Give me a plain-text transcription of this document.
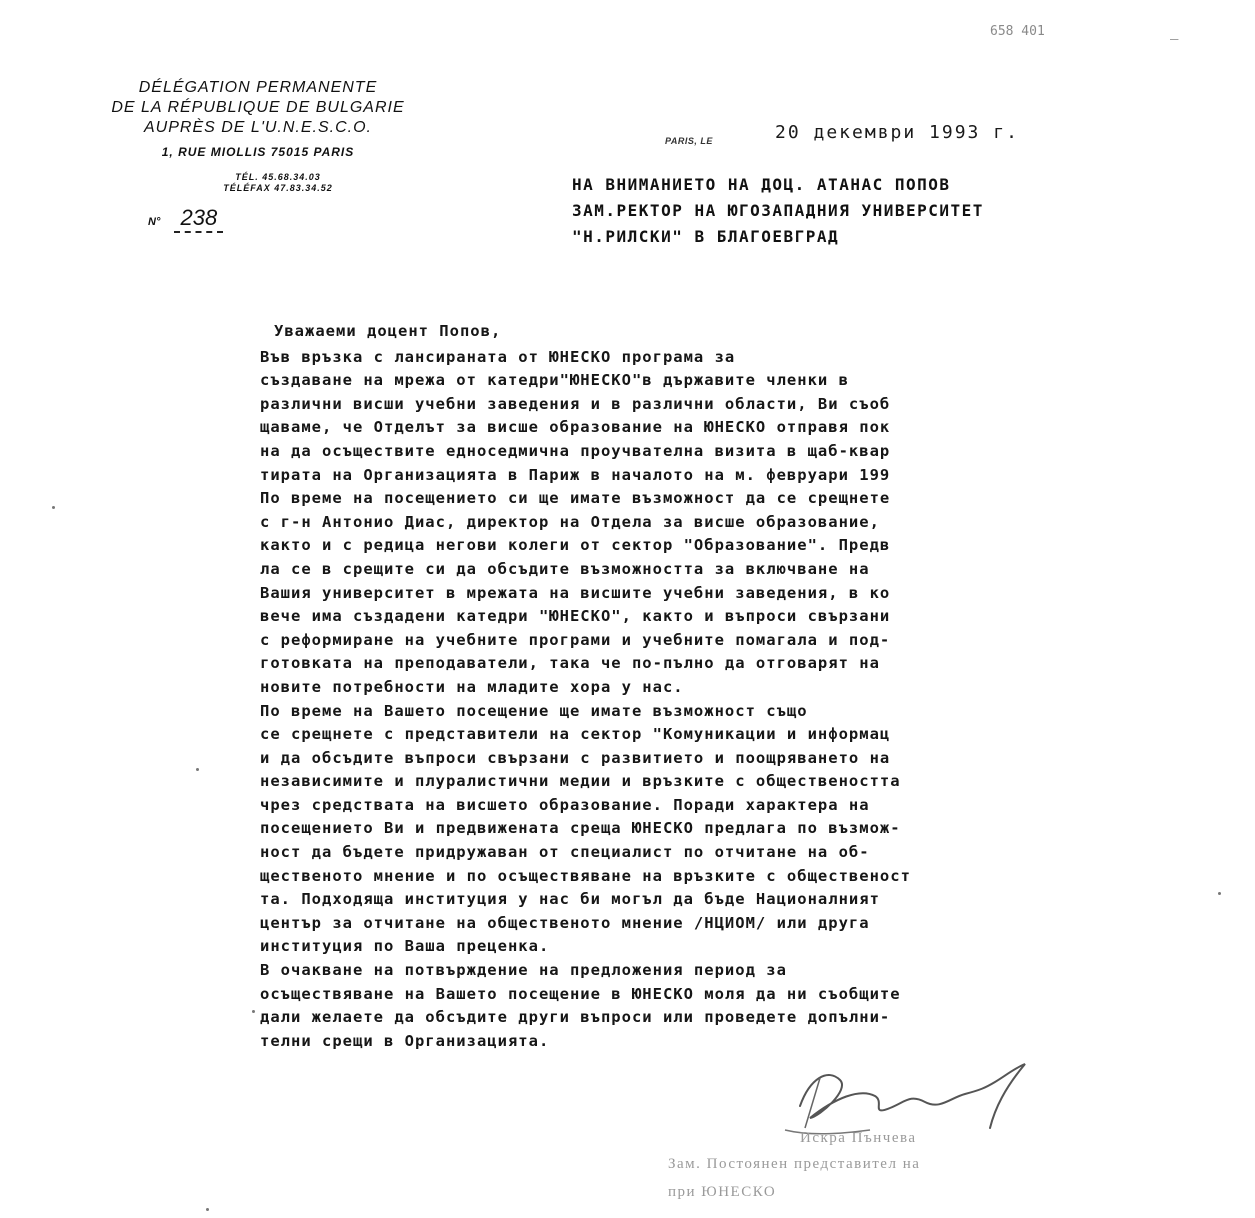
658 401	_
DÉLÉGATION PERMANENTE
DE LA RÉPUBLIQUE DE BULGARIE
AUPRÈS DE L'U.N.E.S.C.O.
1, RUE MIOLLIS 75015 PARIS
TÉL. 45.68.34.03
TÉLÉFAX 47.83.34.52
N° 238
PARIS, LE	20 декември 1993 г.
НА ВНИМАНИЕТО НА ДОЦ. АТАНАС ПОПОВ
ЗАМ.РЕКТОР НА ЮГОЗАПАДНИЯ УНИВЕРСИТЕТ
"Н.РИЛСКИ" В БЛАГОЕВГРАД
Уважаеми доцент Попов,
Във връзка с лансираната от ЮНЕСКО програма за
създаване на мрежа от катедри"ЮНЕСКО"в държавите членки в
различни висши учебни заведения и в различни области, Ви съоб
щаваме, че Отделът за висше образование на ЮНЕСКО отправя пок
на да осъществите едноседмична проучвателна визита в щаб-квар
тирата на Организацията в Париж в началото на м. февруари 199
По време на посещението си ще имате възможност да се срещнете
с г-н Антонио Диас, директор на Отдела за висше образование,
както и с редица негови колеги от сектор "Образование". Предв
ла се в срещите си да обсъдите възможността за включване на
Вашия университет в мрежата на висшите учебни заведения, в ко
вече има създадени катедри "ЮНЕСКО", както и въпроси свързани
с реформиране на учебните програми и учебните помагала и под-
готовката на преподаватели, така че по-пълно да отговарят на
новите потребности на младите хора у нас.
По време на Вашето посещение ще имате възможност също
се срещнете с представители на сектор "Комуникации и информац
и да обсъдите въпроси свързани с развитието и поощряването на
независимите и плуралистични медии и връзките с обществеността
чрез средствата на висшето образование. Поради характера на
посещението Ви и предвижената среща ЮНЕСКО предлага по възмож-
ност да бъдете придружаван от специалист по отчитане на об-
щественото мнение и по осъществяване на връзките с общественост
та. Подходяща институция у нас би могъл да бъде Националният
център за отчитане на общественото мнение /НЦИОМ/ или друга
институция по Ваша преценка.
В очакване на потвърждение на предложения период за
осъществяване на Вашето посещение в ЮНЕСКО моля да ни съобщите
дали желаете да обсъдите други въпроси или проведете допълни-
телни срещи в Организацията.
Искра Пънчева
Зам. Постоянен представител на
при ЮНЕСКО
